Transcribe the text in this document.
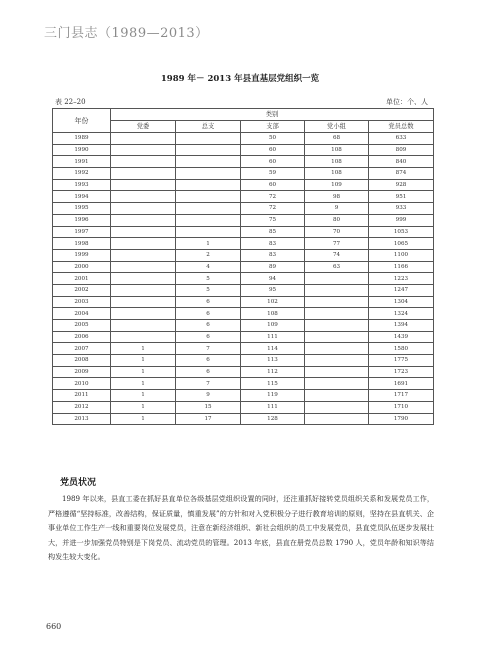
三门县志（1989—2013）
1989 年－ 2013 年县直基层党组织一览
表 22–20	单位：个、人
年份	类别				
	党委	总支	支部	党小组	党员总数
1989			50	68	633
1990			60	108	809
1991			60	108	840
1992			59	108	874
1993			60	109	928
1994			72	98	951
1995			72	9	933
1996			75	80	999
1997			85	70	1053
1998		1	83	77	1065
1999		2	83	74	1100
2000		4	89	63	1166
2001		5	94		1223
2002		5	95		1247
2003		6	102		1304
2004		6	108		1324
2005		6	109		1394
2006		6	111		1439
2007	1	7	114		1580
2008	1	6	113		1775
2009	1	6	112		1723
2010	1	7	115		1691
2011	1	9	119		1717
2012	1	15	111		1710
2013	1	17	128		1790
党员状况

1989 年以来，县直工委在抓好县直单位各级基层党组织设置的同时，还注重抓好接转党员组织关系和发展党员工作，严格遵循“坚持标准，改善结构，保证质量，慎重发展”的方针和对入党积极分子进行教育培训的原则，坚持在县直机关、企事业单位工作生产一线和重要岗位发展党员，注意在新经济组织、新社会组织的员工中发展党员，县直党员队伍逐步发展壮大，并进一步加强党员特别是下岗党员、流动党员的管理。2013 年底，县直在册党员总数 1790 人，党员年龄和知识等结构发生较大变化。

660
